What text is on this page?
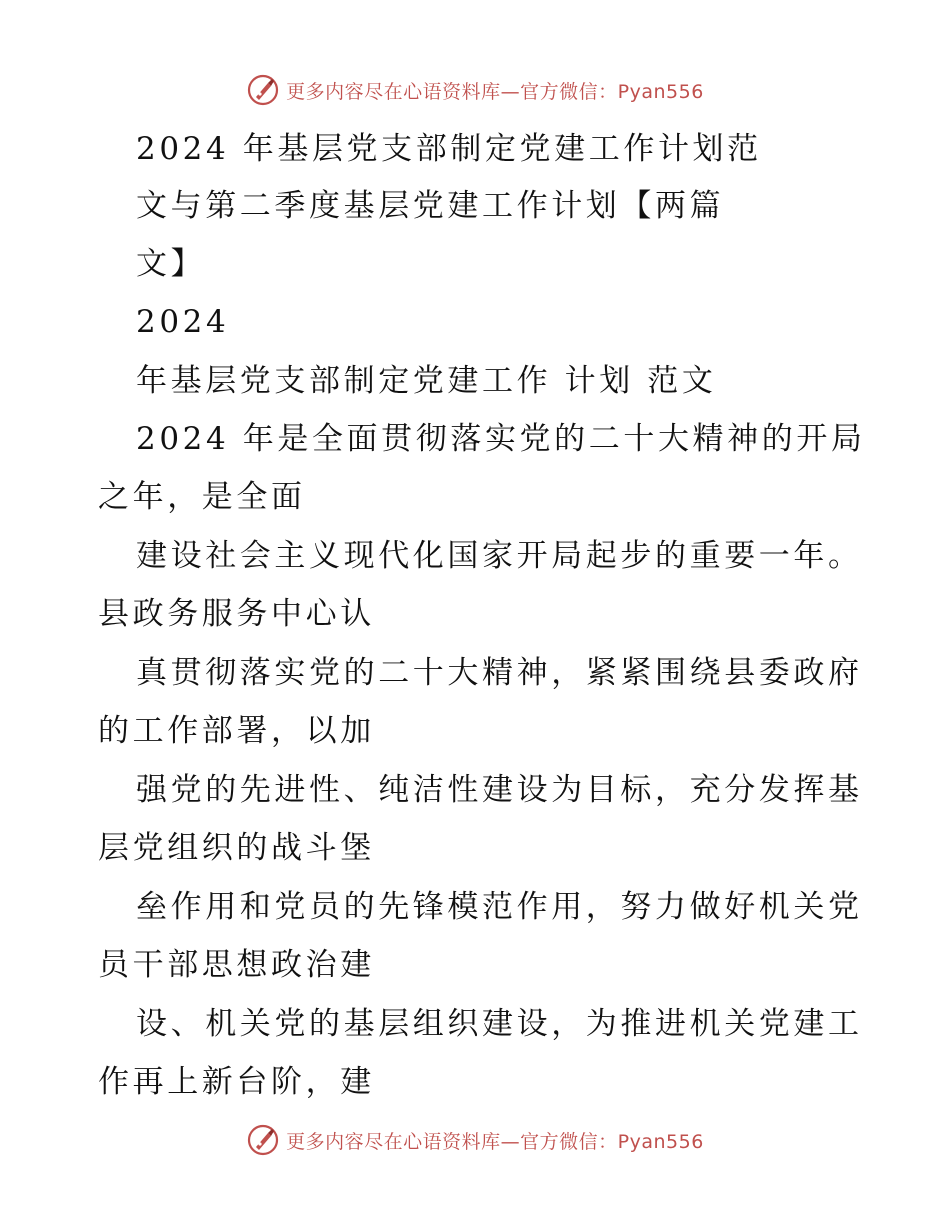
更多内容尽在心语资料库—官方微信：Pyan556
2024 年基层党支部制定党建工作计划范
文与第二季度基层党建工作计划【两篇
文】
2024
年基层党支部制定党建工作 计划 范文
2024 年是全面贯彻落实党的二十大精神的开局
之年，是全面
建设社会主义现代化国家开局起步的重要一年。
县政务服务中心认
真贯彻落实党的二十大精神，紧紧围绕县委政府
的工作部署，以加
强党的先进性、纯洁性建设为目标，充分发挥基
层党组织的战斗堡
垒作用和党员的先锋模范作用，努力做好机关党
员干部思想政治建
设、机关党的基层组织建设，为推进机关党建工
作再上新台阶，建
更多内容尽在心语资料库—官方微信：Pyan556
